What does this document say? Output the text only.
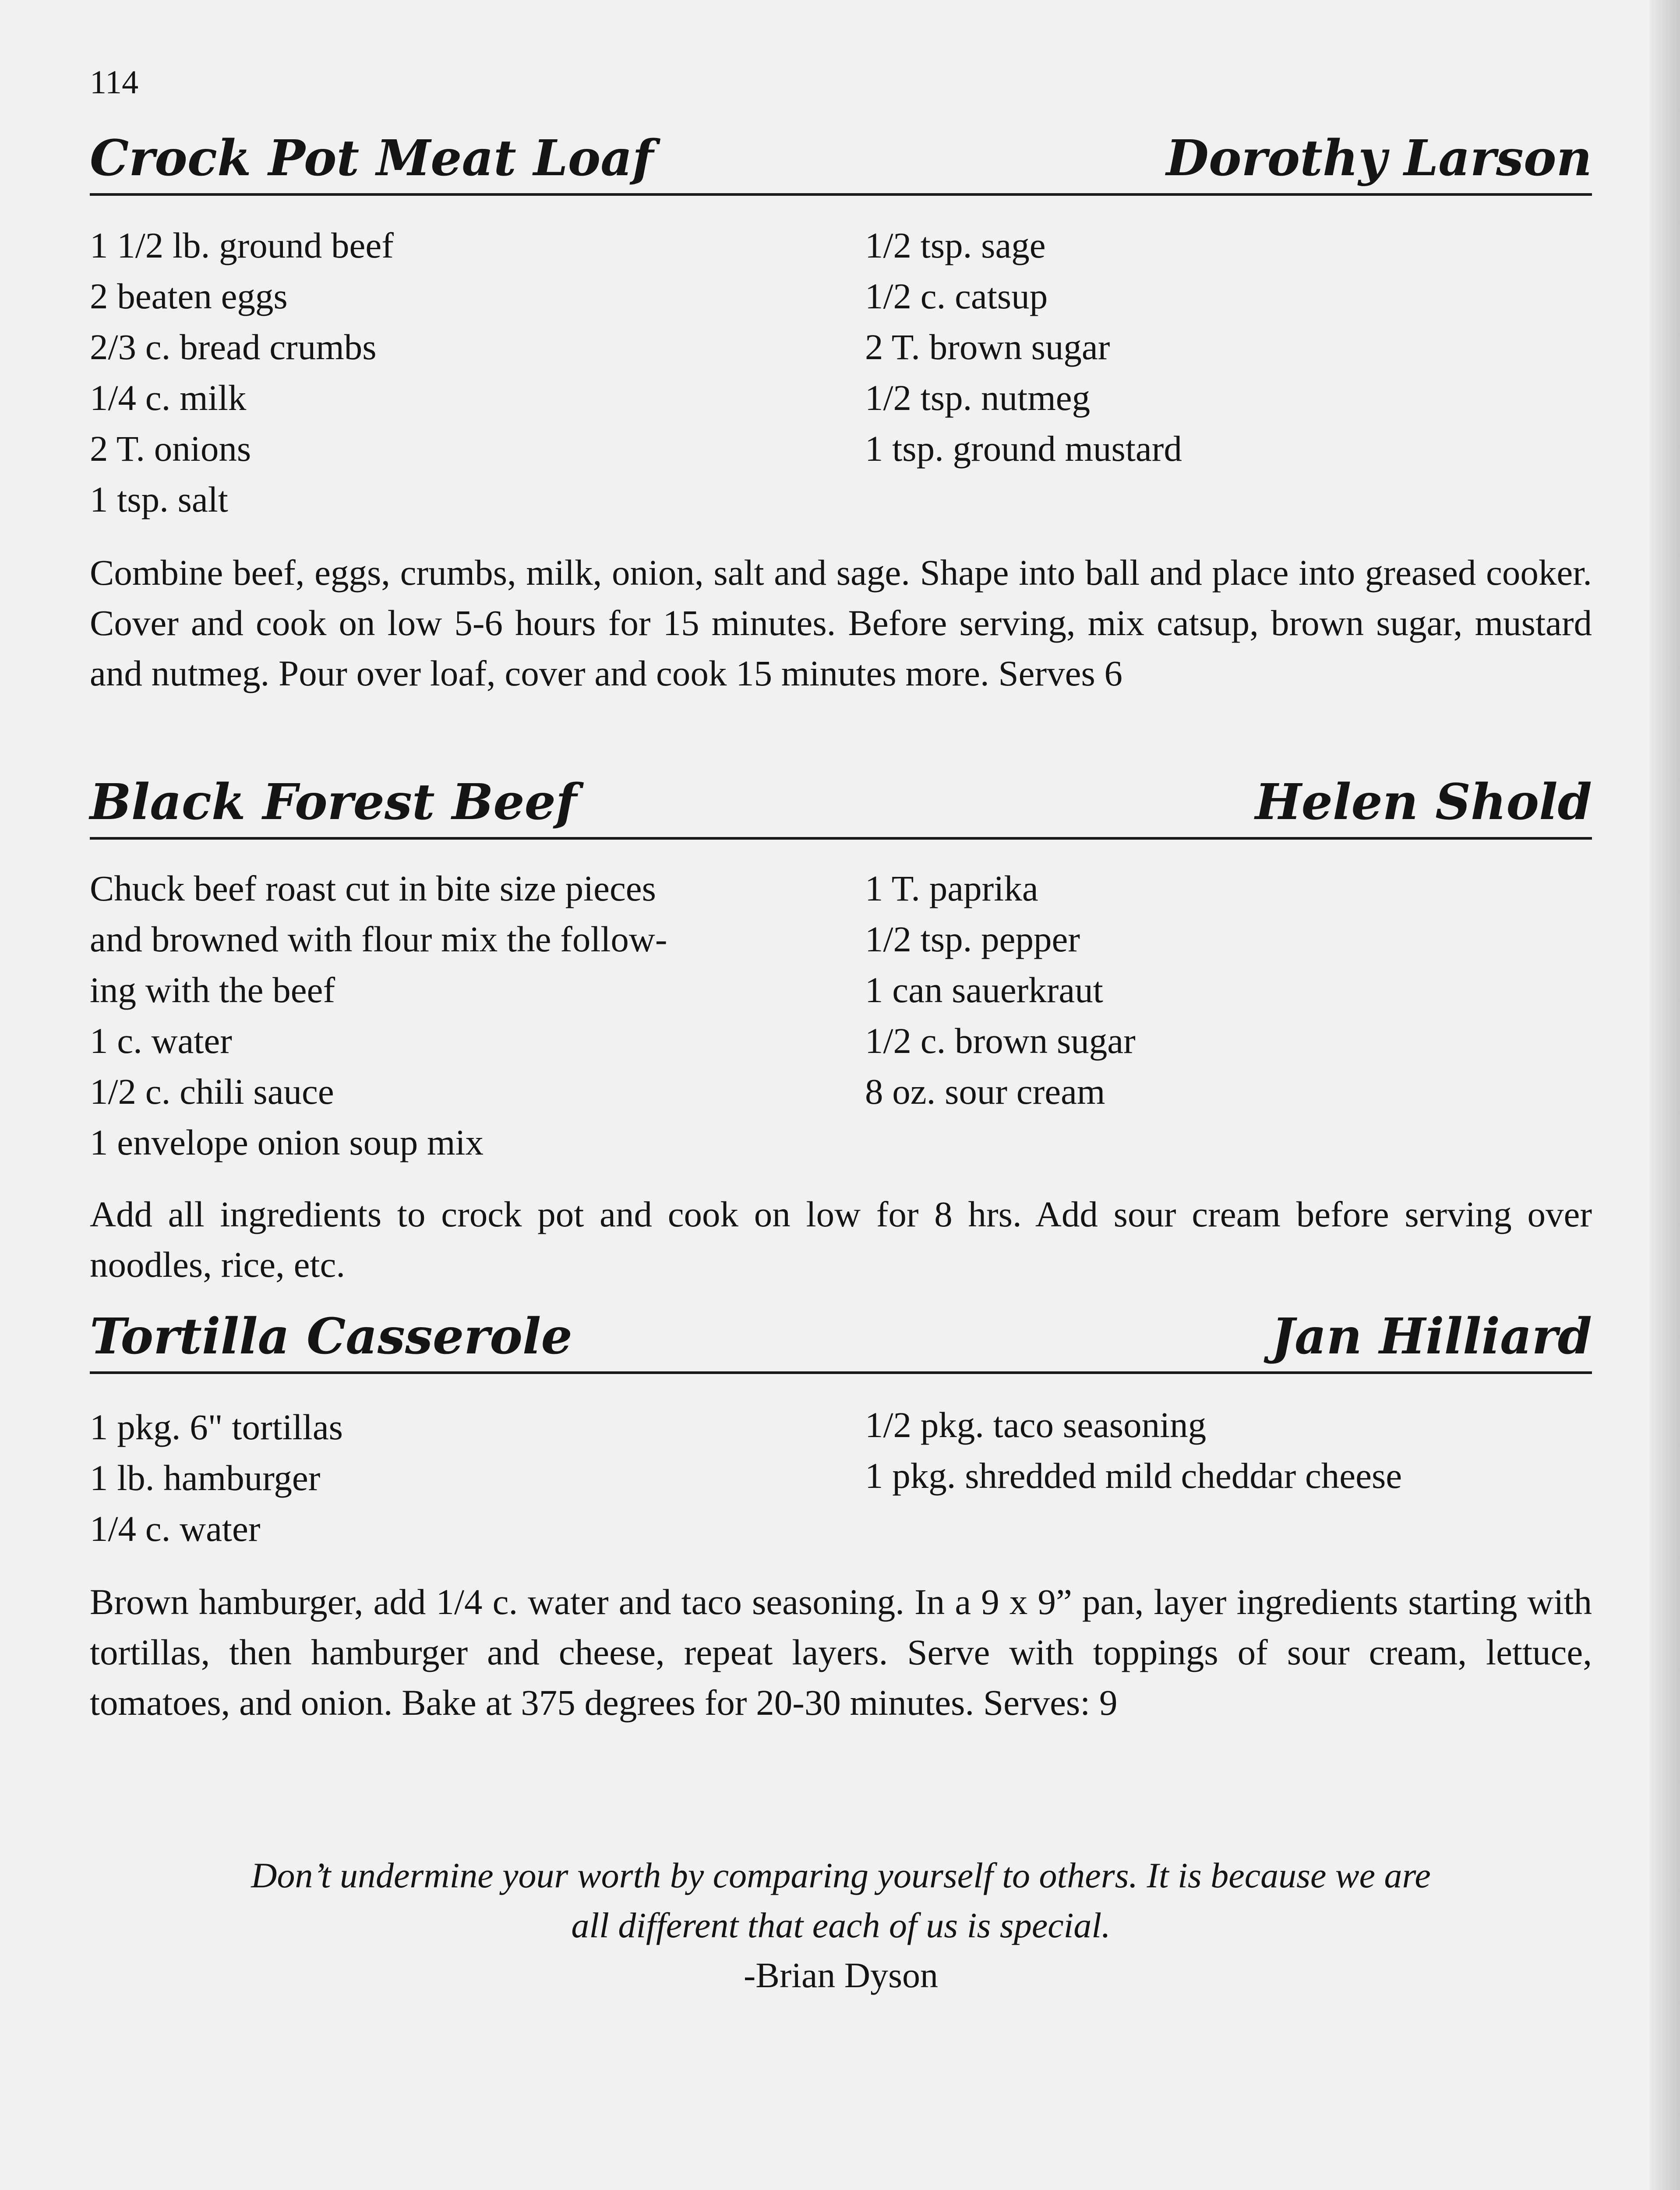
114
Crock Pot Meat Loaf	Dorothy Larson
1 1/2 lb. ground beef
2 beaten eggs
2/3 c. bread crumbs
1/4 c. milk
2 T. onions
1 tsp. salt
1/2 tsp. sage
1/2 c. catsup
2 T. brown sugar
1/2 tsp. nutmeg
1 tsp. ground mustard
Combine beef, eggs, crumbs, milk, onion, salt and sage. Shape into ball and place into greased cooker. Cover and cook on low 5-6 hours for 15 minutes. Before serving, mix catsup, brown sugar, mustard and nutmeg. Pour over loaf, cover and cook 15 minutes more. Serves 6
Black Forest Beef	Helen Shold
Chuck beef roast cut in bite size pieces
and browned with flour mix the follow-
ing with the beef
1 c. water
1/2 c. chili sauce
1 envelope onion soup mix
1 T. paprika
1/2 tsp. pepper
1 can sauerkraut
1/2 c. brown sugar
8 oz. sour cream
Add all ingredients to crock pot and cook on low for 8 hrs. Add sour cream before serving over noodles, rice, etc.
Tortilla Casserole	Jan Hilliard
1 pkg. 6" tortillas
1 lb. hamburger
1/4 c. water
1/2 pkg. taco seasoning
1 pkg. shredded mild cheddar cheese
Brown hamburger, add 1/4 c. water and taco seasoning. In a 9 x 9” pan, layer ingredients starting with tortillas, then hamburger and cheese, repeat layers. Serve with toppings of sour cream, lettuce, tomatoes, and onion. Bake at 375 degrees for 20-30 minutes. Serves: 9
Don’t undermine your worth by comparing yourself to others. It is because we are
all different that each of us is special.
-Brian Dyson
